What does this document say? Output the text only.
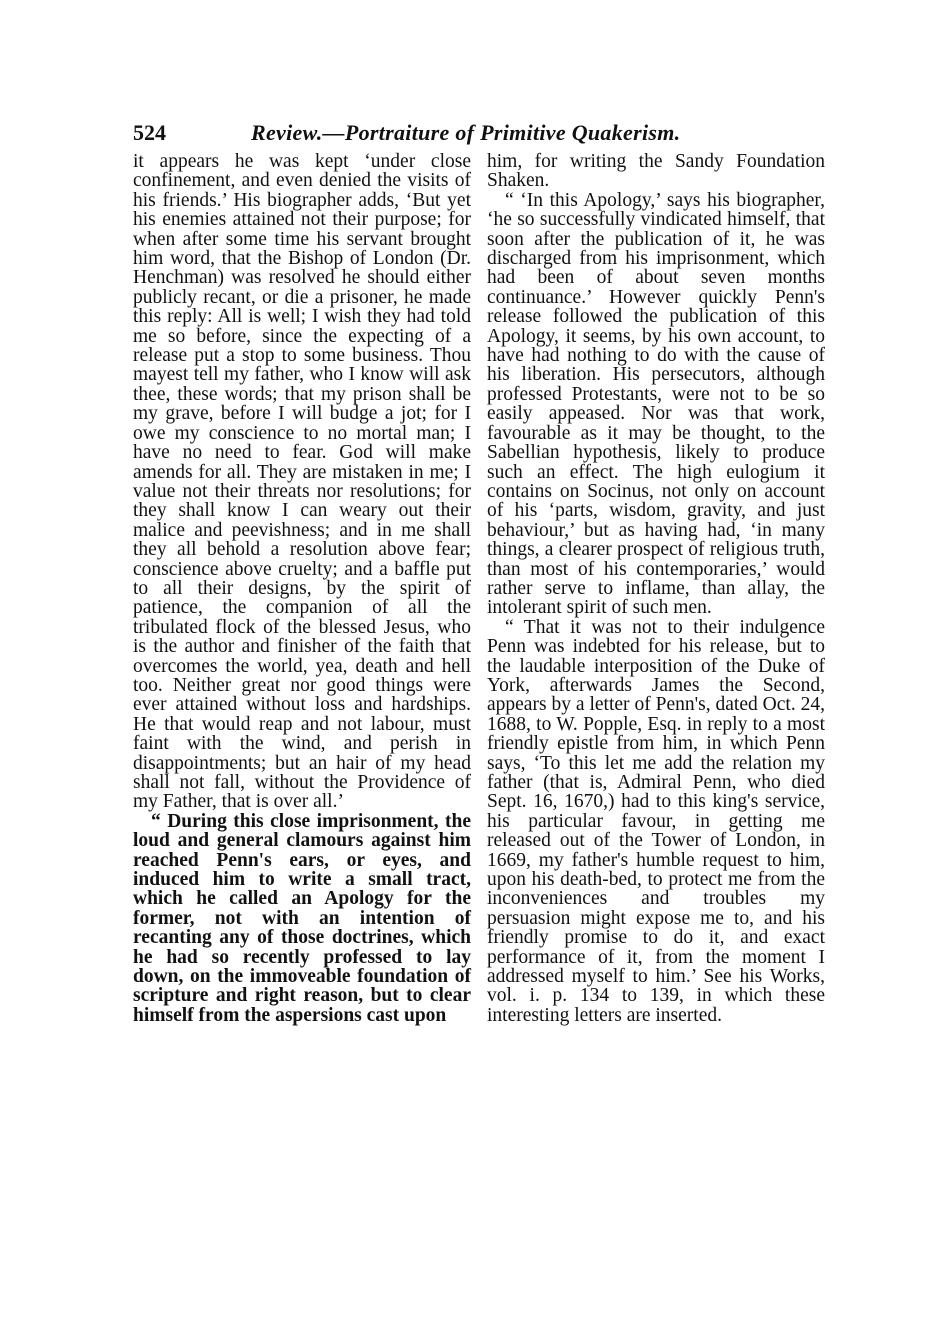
524	Review.—Portraiture of Primitive Quakerism.

it appears he was kept ‘under close confinement, and even denied the visits of his friends.’ His biographer adds, ‘But yet his enemies attained not their purpose; for when after some time his servant brought him word, that the Bishop of London (Dr. Henchman) was resolved he should either publicly recant, or die a prisoner, he made this reply: All is well; I wish they had told me so before, since the expecting of a release put a stop to some business. Thou mayest tell my father, who I know will ask thee, these words; that my prison shall be my grave, before I will budge a jot; for I owe my conscience to no mortal man; I have no need to fear. God will make amends for all. They are mistaken in me; I value not their threats nor resolutions; for they shall know I can weary out their malice and peevishness; and in me shall they all behold a resolution above fear; conscience above cruelty; and a baffle put to all their designs, by the spirit of patience, the companion of all the tribulated flock of the blessed Jesus, who is the author and finisher of the faith that overcomes the world, yea, death and hell too. Neither great nor good things were ever attained without loss and hardships. He that would reap and not labour, must faint with the wind, and perish in disappointments; but an hair of my head shall not fall, without the Providence of my Father, that is over all.’

“ During this close imprisonment, the loud and general clamours against him reached Penn's ears, or eyes, and induced him to write a small tract, which he called an Apology for the former, not with an intention of recanting any of those doctrines, which he had so recently professed to lay down, on the immoveable foundation of scripture and right reason, but to clear himself from the aspersions cast upon

him, for writing the Sandy Foundation Shaken.

“ ‘In this Apology,’ says his biographer, ‘he so successfully vindicated himself, that soon after the publication of it, he was discharged from his imprisonment, which had been of about seven months continuance.’ However quickly Penn's release followed the publication of this Apology, it seems, by his own account, to have had nothing to do with the cause of his liberation. His persecutors, although professed Protestants, were not to be so easily appeased. Nor was that work, favourable as it may be thought, to the Sabellian hypothesis, likely to produce such an effect. The high eulogium it contains on Socinus, not only on account of his ‘parts, wisdom, gravity, and just behaviour,’ but as having had, ‘in many things, a clearer prospect of religious truth, than most of his contemporaries,’ would rather serve to inflame, than allay, the intolerant spirit of such men.

“ That it was not to their indulgence Penn was indebted for his release, but to the laudable interposition of the Duke of York, afterwards James the Second, appears by a letter of Penn's, dated Oct. 24, 1688, to W. Popple, Esq. in reply to a most friendly epistle from him, in which Penn says, ‘To this let me add the relation my father (that is, Admiral Penn, who died Sept. 16, 1670,) had to this king's service, his particular favour, in getting me released out of the Tower of London, in 1669, my father's humble request to him, upon his death-bed, to protect me from the inconveniences and troubles my persuasion might expose me to, and his friendly promise to do it, and exact performance of it, from the moment I addressed myself to him.’ See his Works, vol. i. p. 134 to 139, in which these interesting letters are inserted.
